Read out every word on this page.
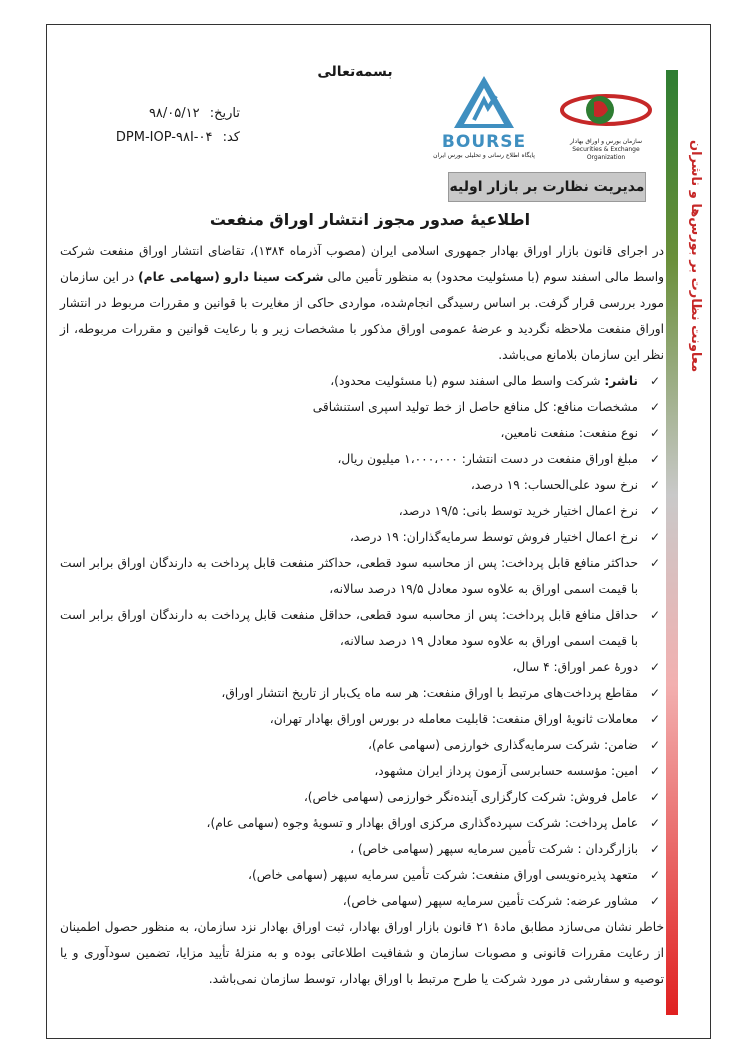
معاونت نظارت بر بورس‌ها و ناشران
بسمه‌تعالی
تاریخ: ۹۸/۰۵/۱۲
کد: DPM-IOP-۹۸I-۰۴	BOURSE
پایگاه اطلاع رسانی و تحلیلی بورس ایران
سازمان بورس و اوراق بهادار
Securities & Exchange Organization
مدیریت نظارت بر بازار اولیه
اطلاعیهٔ صدور مجوز انتشار اوراق منفعت

در اجرای قانون بازار اوراق بهادار جمهوری اسلامی ایران (مصوب آذرماه ۱۳۸۴)، تقاضای انتشار اوراق منفعت شرکت واسط مالی اسفند سوم (با مسئولیت محدود) به منظور تأمین مالی شرکت سینا دارو (سهامی عام) در این سازمان مورد بررسی قرار گرفت. بر اساس رسیدگی انجام‌شده، مواردی حاکی از مغایرت با قوانین و مقررات مربوط در انتشار اوراق منفعت ملاحظه نگردید و عرضهٔ عمومی اوراق مذکور با مشخصات زیر و با رعایت قوانین و مقررات مربوطه، از نظر این سازمان بلامانع می‌باشد.

✓
ناشر: شرکت واسط مالی اسفند سوم (با مسئولیت محدود)،
✓
مشخصات منافع: کل منافع حاصل از خط تولید اسپری استنشاقی
✓
نوع منفعت: منفعت نامعین،
✓
مبلغ اوراق منفعت در دست انتشار: ۱،۰۰۰،۰۰۰ میلیون ریال،
✓
نرخ سود علی‌الحساب: ۱۹ درصد،
✓
نرخ اعمال اختیار خرید توسط بانی: ۱۹/۵ درصد،
✓
نرخ اعمال اختیار فروش توسط سرمایه‌گذاران: ۱۹ درصد،
✓
حداکثر منافع قابل پرداخت: پس از محاسبه سود قطعی، حداکثر منفعت قابل پرداخت به دارندگان اوراق برابر است با قیمت اسمی اوراق به علاوه سود معادل ۱۹/۵ درصد سالانه،
✓
حداقل منافع قابل پرداخت: پس از محاسبه سود قطعی، حداقل منفعت قابل پرداخت به دارندگان اوراق برابر است با قیمت اسمی اوراق به علاوه سود معادل ۱۹ درصد سالانه،
✓
دورهٔ عمر اوراق: ۴ سال،
✓
مقاطع پرداخت‌های مرتبط با اوراق منفعت: هر سه ماه یک‌بار از تاریخ انتشار اوراق،
✓
معاملات ثانویهٔ اوراق منفعت: قابلیت معامله در بورس اوراق بهادار تهران،
✓
ضامن: شرکت سرمایه‌گذاری خوارزمی (سهامی عام)،
✓
امین: مؤسسه حسابرسی آزمون پرداز ایران مشهود،
✓
عامل فروش: شرکت کارگزاری آینده‌نگر خوارزمی (سهامی خاص)،
✓
عامل پرداخت: شرکت سپرده‌گذاری مرکزی اوراق بهادار و تسویهٔ وجوه (سهامی عام)،
✓
بازارگردان : شرکت تأمین سرمایه سپهر (سهامی خاص) ،
✓
متعهد پذیره‌نویسی اوراق منفعت: شرکت تأمین سرمایه سپهر (سهامی خاص)،
✓
مشاور عرضه: شرکت تأمین سرمایه سپهر (سهامی خاص)،

خاطر نشان می‌سازد مطابق مادهٔ ۲۱ قانون بازار اوراق بهادار، ثبت اوراق بهادار نزد سازمان، به منظور حصول اطمینان از رعایت مقررات قانونی و مصوبات سازمان و شفافیت اطلاعاتی بوده و به منزلهٔ تأیید مزایا، تضمین سودآوری و یا توصیه و سفارشی در مورد شرکت یا طرح مرتبط با اوراق بهادار، توسط سازمان نمی‌باشد.
